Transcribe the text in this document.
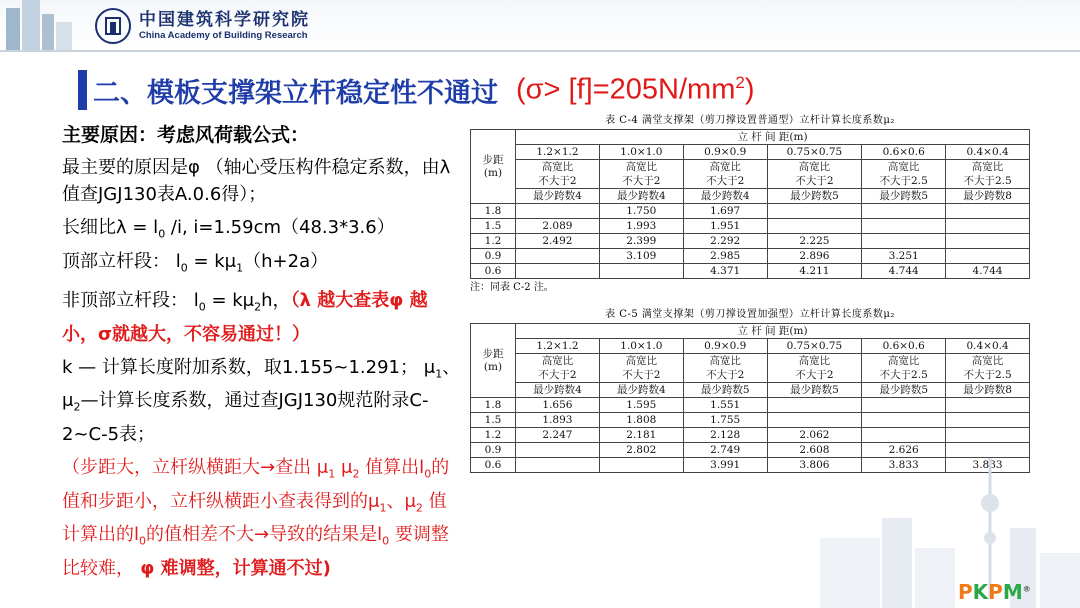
中国建筑科学研究院
China Academy of Building Research
二、模板支撑架立杆稳定性不通过 $(\sigma> [f]=205N/mm^2)$

主要原因：考虑风荷载公式：

最主要的原因是φ （轴心受压构件稳定系数，由λ 值查JGJ130表A.0.6得）；

长细比$\lambda = l_0$ /i, i=1.59cm（48.3*3.6）

顶部立杆段： $l_0 = k\mu_1(h+2a)$

非顶部立杆段： $l_0 = k\mu_2h$，（λ 越大查表φ 越小，σ就越大，不容易通过！）

k — 计算长度附加系数，取1.155~1.291； $\mu_1$、$\mu_2—$计算长度系数，通过查JGJ130规范附录C-2~C-5表；

（步距大，立杆纵横距大→查出 $\mu_1$ $\mu_2$ 值算出$l_0$的值和步距小，立杆纵横距小查表得到的$\mu_1$、$\mu_2$ 值计算出的$l_0$的值相差不大→导致的结果是$l_0$ 要调整比较难， φ 难调整，计算通不过)

表 C-4 满堂支撑架（剪刀撑设置普通型）立杆计算长度系数μ₂
步距
(m)	立 杆 间 距(m)					
	1.2×1.2	1.0×1.0	0.9×0.9	0.75×0.75	0.6×0.6	0.4×0.4
	高宽比	高宽比	高宽比	高宽比	高宽比	高宽比
	不大于2	不大于2	不大于2	不大于2	不大于2.5	不大于2.5
	最少跨数4	最少跨数4	最少跨数4	最少跨数5	最少跨数5	最少跨数8
1.8		1.750	1.697			
1.5	2.089	1.993	1.951			
1.2	2.492	2.399	2.292	2.225		
0.9		3.109	2.985	2.896	3.251	
0.6			4.371	4.211	4.744	4.744
注：同表 C-2 注。
表 C-5 满堂支撑架（剪刀撑设置加强型）立杆计算长度系数μ₂
步距
(m)	立 杆 间 距(m)					
	1.2×1.2	1.0×1.0	0.9×0.9	0.75×0.75	0.6×0.6	0.4×0.4
	高宽比	高宽比	高宽比	高宽比	高宽比	高宽比
	不大于2	不大于2	不大于2	不大于2	不大于2.5	不大于2.5
	最少跨数4	最少跨数4	最少跨数5	最少跨数5	最少跨数5	最少跨数8
1.8	1.656	1.595	1.551			
1.5	1.893	1.808	1.755			
1.2	2.247	2.181	2.128	2.062		
0.9		2.802	2.749	2.608	2.626	
0.6			3.991	3.806	3.833	3.833
PKPM®
